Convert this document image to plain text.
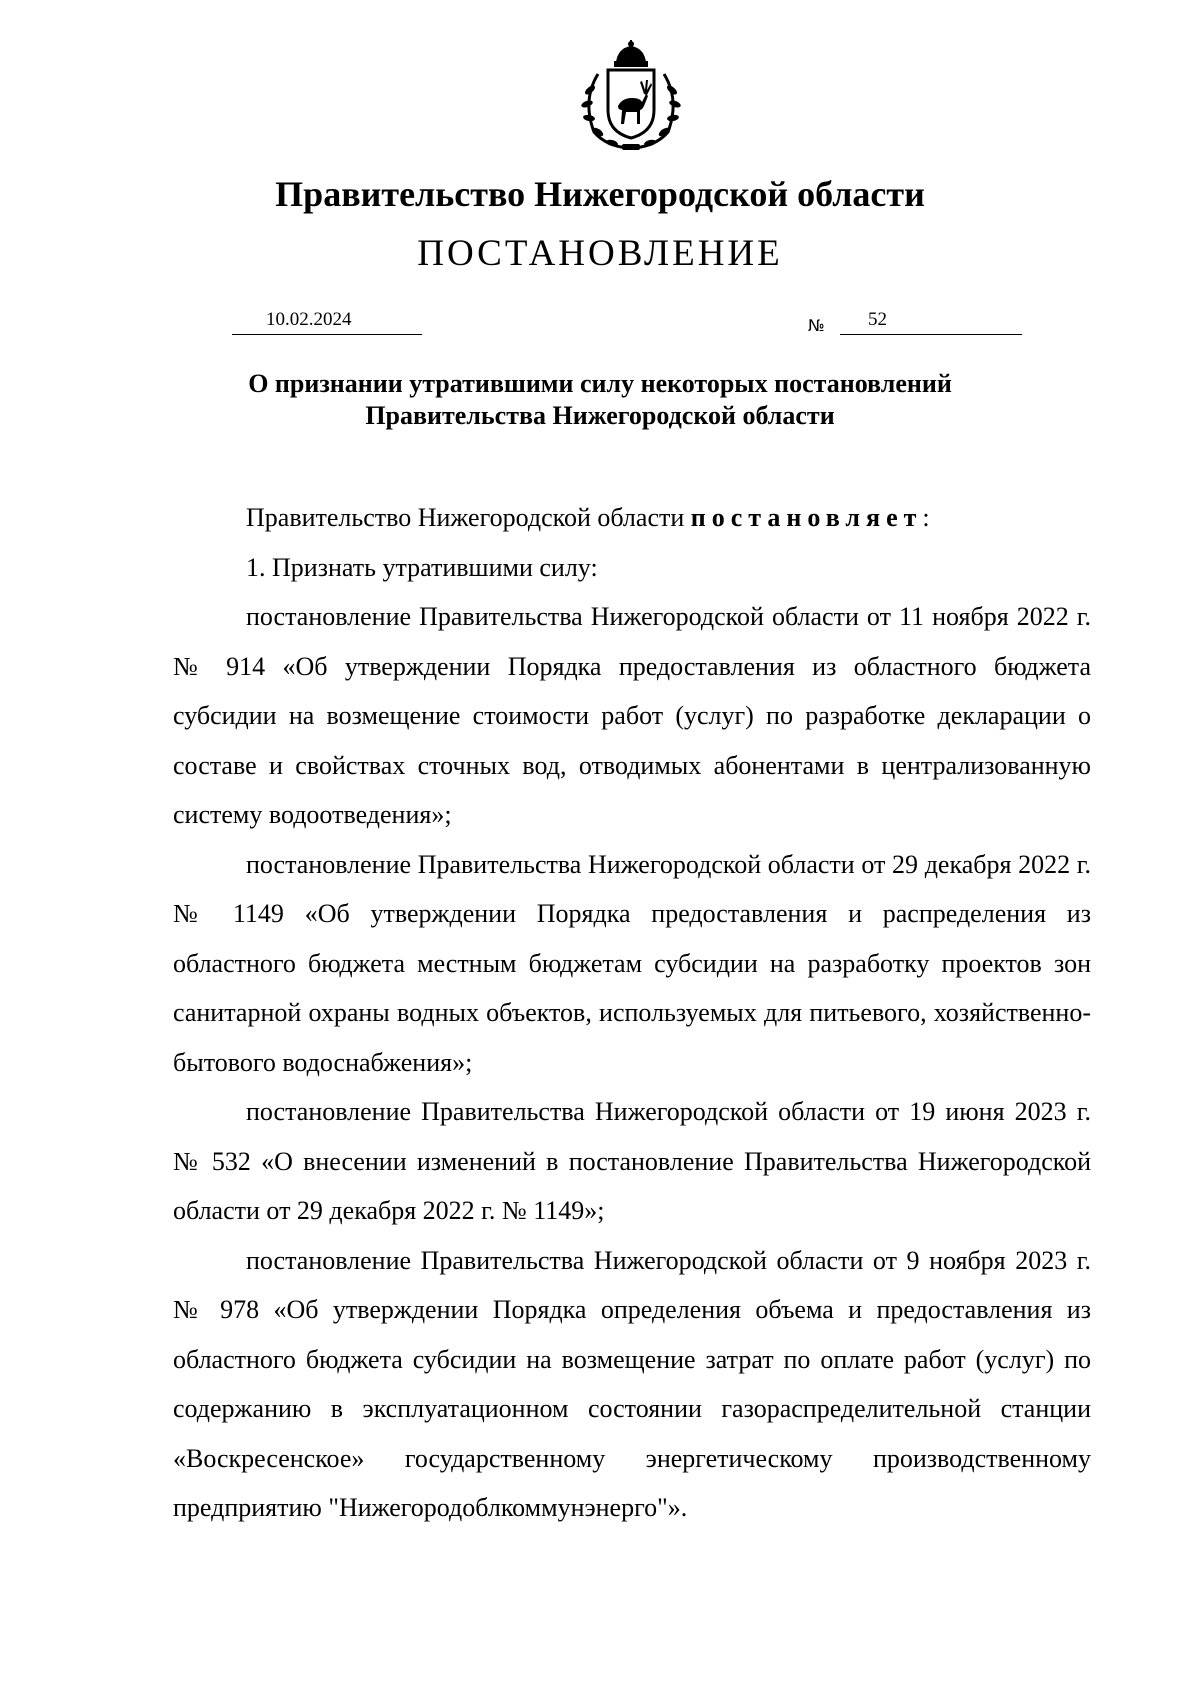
Правительство Нижегородской области
ПОСТАНОВЛЕНИЕ
10.02.2024	№ 52
О признании утратившими силу некоторых постановлений
Правительства Нижегородской области

Правительство Нижегородской области постановляет:

1. Признать утратившими силу:

постановление Правительства Нижегородской области от 11 ноября 2022 г. № 914 «Об утверждении Порядка предоставления из областного бюджета субсидии на возмещение стоимости работ (услуг) по разработке декларации о составе и свойствах сточных вод, отводимых абонентами в централизованную систему водоотведения»;

постановление Правительства Нижегородской области от 29 декабря 2022 г. № 1149 «Об утверждении Порядка предоставления и распределения из областного бюджета местным бюджетам субсидии на разработку проектов зон санитарной охраны водных объектов, используемых для питьевого, хозяйственно-бытового водоснабжения»;

постановление Правительства Нижегородской области от 19 июня 2023 г. № 532 «О внесении изменений в постановление Правительства Нижегородской области от 29 декабря 2022 г. № 1149»;

постановление Правительства Нижегородской области от 9 ноября 2023 г. № 978 «Об утверждении Порядка определения объема и предоставления из областного бюджета субсидии на возмещение затрат по оплате работ (услуг) по содержанию в эксплуатационном состоянии газораспределительной станции «Воскресенское» государственному энергетическому производственному предприятию "Нижегородоблкоммунэнерго"».
